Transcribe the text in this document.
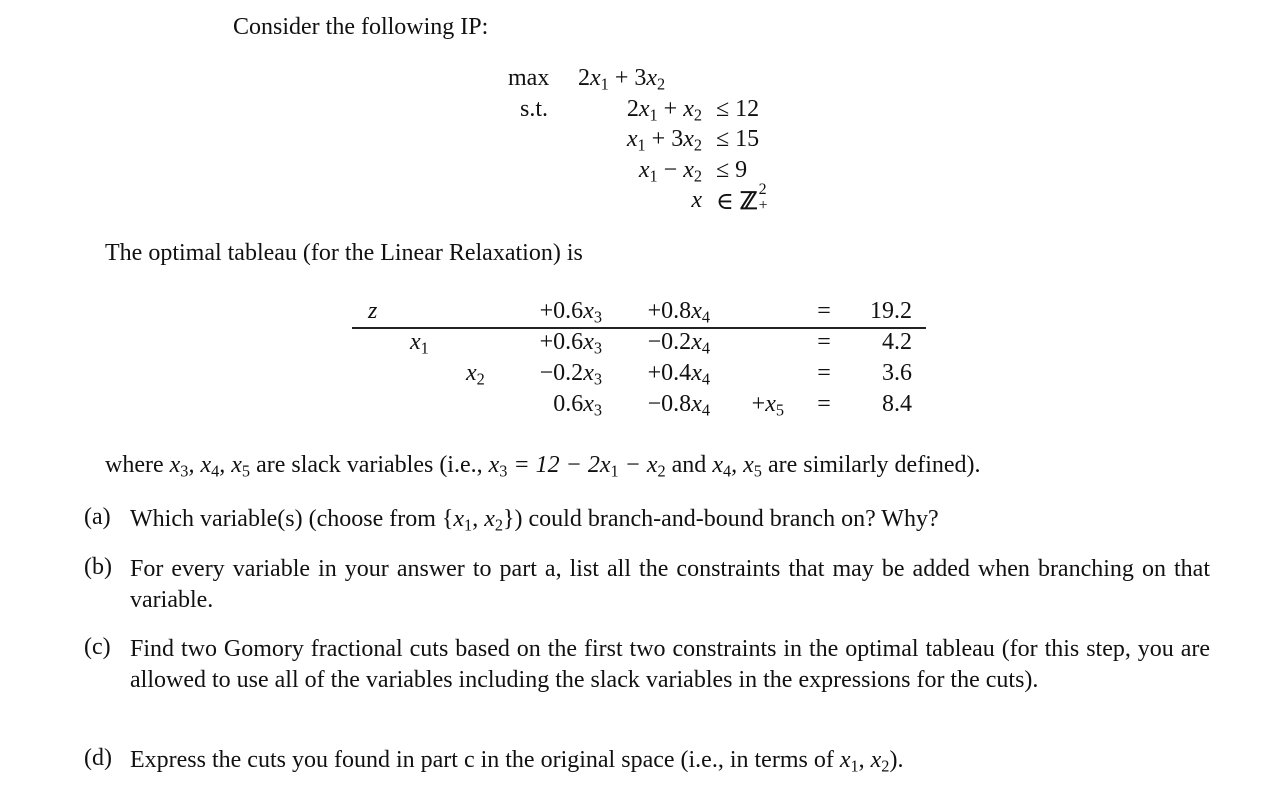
Consider the following IP:
$\max 2x_1 + 3x_2$
s.t.	$2x_1 + x_2 \le 12$
$x_1 + 3x_2 \le 15$
$x_1 - x_2 \le 9$
x ∈ ℤ 2
+
The optimal tableau (for the Linear Relaxation) is
z	$+0.6x_3$	$+0.8x_4$	=	19.2
$x_1$	$+0.6x_3$	$-0.2x_4$	=	4.2
$x_2$	$-0.2x_3$	$+0.4x_4$	=	3.6
$0.6x_3$	$-0.8x_4$	$+x_5$ =	8.4
where $x_3$, $x_4$, $x_5$ are slack variables (i.e., $x_3 = 12 - 2x_1 - x_2$ and $x_4$, $x_5$ are similarly defined).
(a) Which variable(s) (choose from {$x_1$, $x_2$}) could branch-and-bound branch on? Why?
(b) For every variable in your answer to part a, list all the constraints that may be added when branching on that variable.
(c) Find two Gomory fractional cuts based on the first two constraints in the optimal tableau (for this step, you are allowed to use all of the variables including the slack variables in the expressions for the cuts).
(d) Express the cuts you found in part c in the original space (i.e., in terms of $x_1$, $x_2$).
